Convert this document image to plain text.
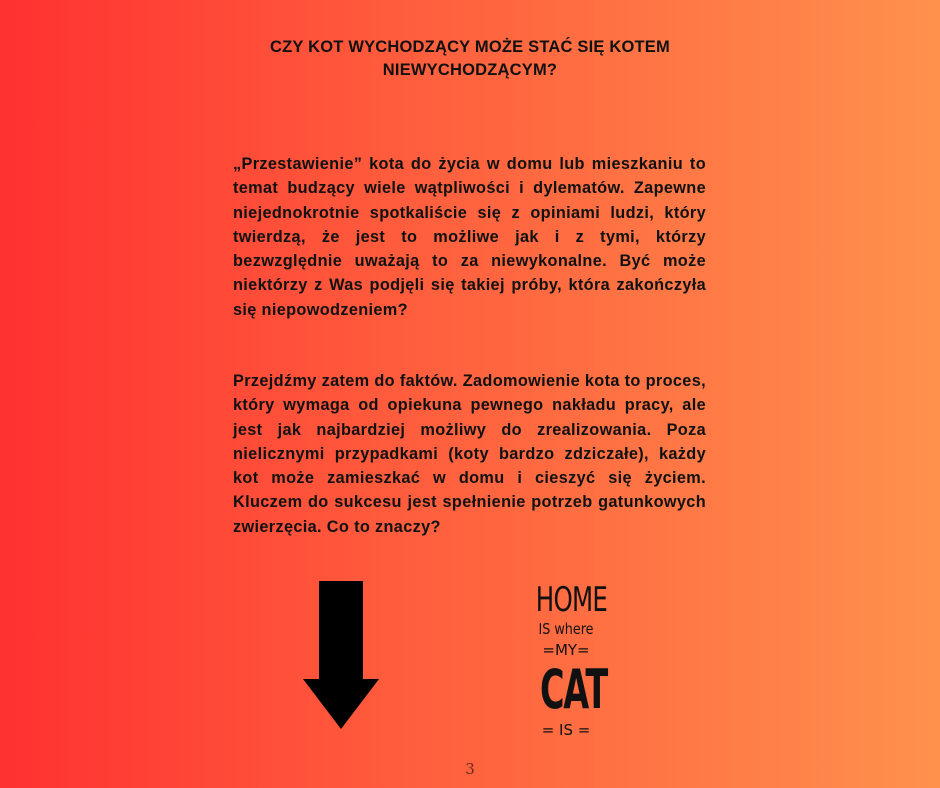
CZY KOT WYCHODZĄCY MOŻE STAĆ SIĘ KOTEM NIEWYCHODZĄCYM?
„Przestawienie” kota do życia w domu lub mieszkaniu to temat budzący wiele wątpliwości i dylematów. Zapewne niejednokrotnie spotkaliście się z opiniami ludzi, który twierdzą, że jest to możliwe jak i z tymi, którzy bezwzględnie uważają to za niewykonalne. Być może niektórzy z Was podjęli się takiej próby, która zakończyła się niepowodzeniem?
Przejdźmy zatem do faktów. Zadomowienie kota to proces, który wymaga od opiekuna pewnego nakładu pracy, ale jest jak najbardziej możliwy do zrealizowania. Poza nielicznymi przypadkami (koty bardzo zdziczałe), każdy kot może zamieszkać w domu i cieszyć się życiem. Kluczem do sukcesu jest spełnienie potrzeb gatunkowych zwierzęcia. Co to znaczy?
HOME
IS where
=MY=
CAT
= IS =
3
